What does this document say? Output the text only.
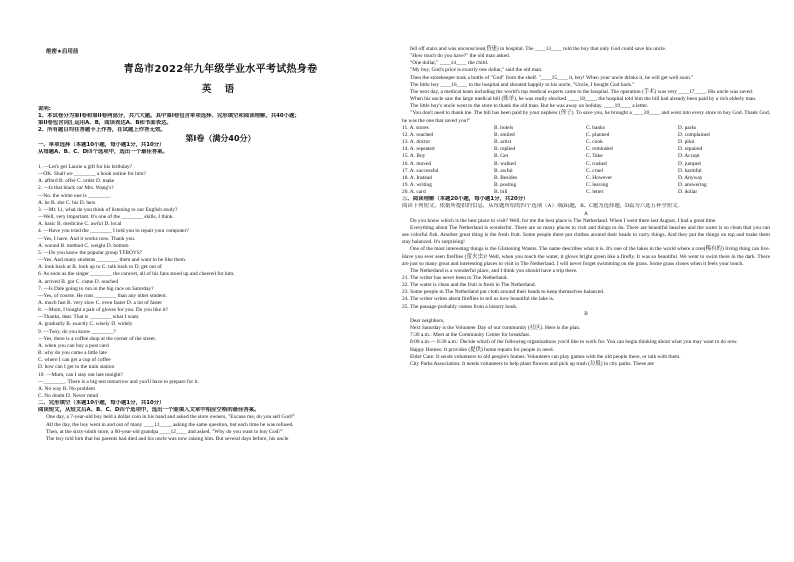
绝密★启用前
青岛市2022年九年级学业水平考试热身卷
英 语
说明:
1、本试卷分为第I卷和第II卷两部分，共六大题。其中第I卷包含单项选择、完形填空和阅读理解，共40小题；
第II卷包含词汇运用A、B，阅读表达A、B和书面表达。
2、所有题目均在答题卡上作答，在试题上作答无效。
第Ⅰ卷（满分40分）
一、单项选择（本题10小题，每小题1分，共10分）
从每题A、B、C、D四个选项中，选出一个最佳答案。
1. —Let's get Laurie a gift for his birthday?
—OK. Shall we ________ a book online for him?
A. afford B. offer C. order D. make
2. —Is that black car Mrs. Wang's?
—No. the white one is ________.
A. he B. she C. his D. hers
3. —Mr. Li, what do you think of listening to our English study?
—Well, very important. It's one of the ________ skills, I think.
A. basic B. medicine C. awful D. local
4. —Have you tried the ________ I told you to repair your computer?
—Yes, I have. And it works now. Thank you.
A. wound B. method C. weight D. bottom
5. —Do you know the popular group TFBOYS?
—Yes. And many students ________ them and want to be like them.
A. look back at B. look up to C. talk back to D. get out of
6. As soon as the singer ________ the concert, all of his fans stood up and cheered for him.
A. arrived B. got C. came D. reached
7. —Is Dale going to run in the big race on Saturday?
—Yes, of course. He runs ________ than any other student.
A. much fast B. very slow C. even faster D. a lot of faster
8. —Mom, I bought a pair of gloves for you. Do you like it?
—Thanks, dear. That is ________ what I want.
A. gradually B. exactly C. wisely D. widely
9. —Tony, do you know ________?
—Yes, there is a coffee shop at the corner of the street.
A. when you can buy a post card
B. why do you come a little late
C. where I can get a cup of coffee
D. how can I get to the train station
10. —Mum, can I stay out late tonight?
—________. There is a big test tomorrow and you'll have to prepare for it.
A. No way B. No problem
C. No doubt D. Never mind
二、完形填空（本题10小题，每小题1分，共10分）
阅读短文，从短文后A、B、C、D四个选项中，选出一个能填入文章中相应空格的最佳答案。
One day, a 7-year-old boy held a dollar coin in his hand and asked the store owners, "Excuse me, do you sell God?"
All the day, the boy went in and out of many ____11____, asking the same question, but each time he was refused.
Then, at the sixty-ninth store, a 60-year-old grandpa ____12____ and asked, "Why do you want to buy God?"
The boy told him that his parents had died and his uncle was now raising him. But several days before, his uncle
fell off stairs and was unconscious(昏迷) in hospital. The ____13____ told the boy that only God could save his uncle.
"How much do you have?" the old man asked.
"One dollar," ____14____ the child.
"My boy, God's price is exactly one dollar," said the old man.
Then the storekeeper took a bottle of "God" from the shelf. "____15____ it, boy! When your uncle drinks it, he will get well soon."
The little boy ____16____ to the hospital and shouted happily to his uncle, "Uncle, I bought God back."
The next day, a medical team including the world's top medical experts came to the hospital. The operation (手术) was very ____17____. His uncle was saved.
When his uncle saw the large medical bill (账单), he was really shocked. ____18____, the hospital told him the bill had already been paid by a rich elderly man.
The little boy's uncle went to the store to thank the old man. But he was away on holiday. ____19____ a letter.
"You don't need to thank me. The bill has been paid by your nephew (侄子). To save you, he brought a ____20____ and went into every store to buy God. Thank God, he was the one that saved you!"
11. A. stores	B. hotels	C. banks	D. parks
12. A. reached	B. smiled	C. planned	D. complained
13. A. doctor	B. artist	C. cook	D. pilot
14. A. repeated	B. replied	C. reminded	D. repaired
15. A. Buy	B. Get	C. Take	D. Accept
16. A. moved	B. walked	C. rushed	D. jumped
17. A. successful	B. awful	C. cruel	D. harmful
18. A. Instead	B. Besides	C. However	D. Anyway
19. A. writing	B. posting	C. leaving	D. answering
20. A. card	B. bill	C. letter	D. dollar
三、阅读理解（本题20小题，每小题1分，共20分）
阅读下列短文，依据所提供的信息，从每题所给的四个选项（A）项(B)题，B、C题为选择题，D篇为六选五补全短文。
A
Do you know which is the best place to visit? Well, for me the best place is The Netherland. When I went there last August, I had a great time.
Everything about The Netherland is wonderful. There are so many places to visit and things to do. There are beautiful beaches and the water is so clean that you can see colorful fish. Another great thing is the fresh fruit. Some people there put clothes around their heads to carry things. And they put the things on top and make them stay balanced. It's surprising!
One of the most interesting things is the Glistening Waters. The name describes what it is. It's one of the lakes in the world where a rare(稀有的) living thing can live. Have you ever seen fireflies (萤火虫)? Well, when you touch the water, it glows bright green like a firefly. It was so beautiful. We went to swim there in the dark. There are just so many great and interesting places to visit in The Netherland. I will never forget swimming on the grass. Some grass closes when it feels your touch.
The Netherland is a wonderful place, and I think you should have a trip there.
21. The writer has never been to The Netherland.
22. The water is clean and the fruit is fresh in The Netherland.
23. Some people in The Netherland put cloth around their heads to keep themselves balanced.
24. The writer writes about fireflies to tell us how beautiful the lake is.
25. The passage probably comes from a history book.
B
Dear neighbors,
Next Saturday is the Volunteer Day of our community (社区). Here is the plan.
7:30 a.m.: Meet at the Community Center for breakfast.
8:00 a.m.— 8:30 a.m.: Decide which of the following organizations you'd like to work for. You can begin thinking about what you may want to do now.
Happy Homes: It provides (提供) home repairs for people in need.
Elder Care: It sends volunteers to old people's homes. Volunteers can play games with the old people there, or talk with them.
City Parks Association: It needs volunteers to help plant flowers and pick up trash (垃圾) in city parks. These are
